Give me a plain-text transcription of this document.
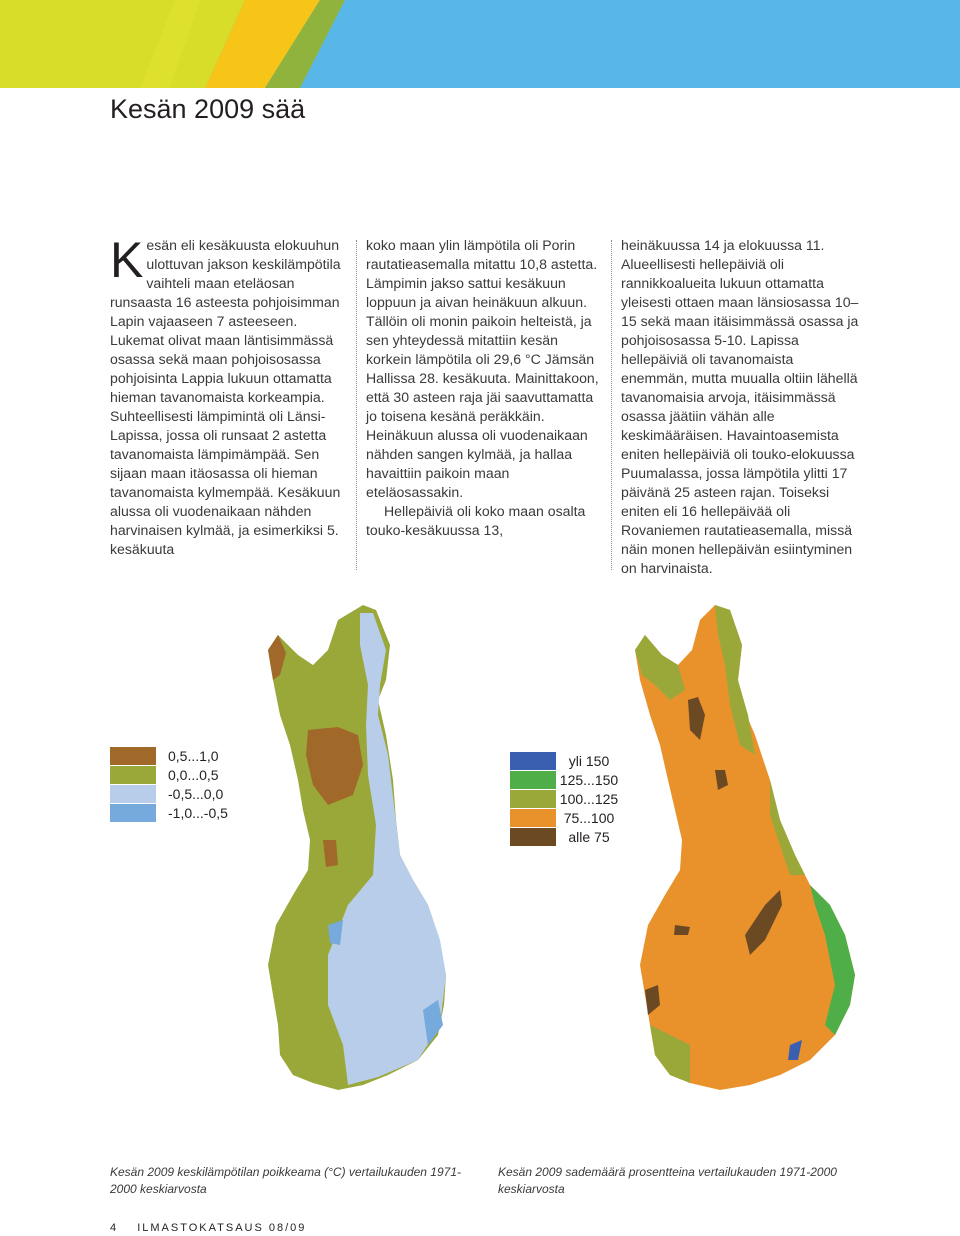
Kesän 2009 sää
K esän eli kesäkuusta elokuuhun ulottuvan jakson keskilämpötila vaihteli maan eteläosan runsaasta 16 asteesta pohjoisimman Lapin vajaaseen 7 asteeseen. Lukemat olivat maan läntisimmässä osassa sekä maan pohjoisosassa pohjoisinta Lappia lukuun ottamatta hieman tavanomaista korkeampia. Suhteellisesti lämpimintä oli Länsi-Lapissa, jossa oli runsaat 2 astetta tavanomaista lämpimämpää. Sen sijaan maan itäosassa oli hieman tavanomaista kylmempää. Kesäkuun alussa oli vuodenaikaan nähden harvinaisen kylmää, ja esimerkiksi 5. kesäkuuta

koko maan ylin lämpötila oli Porin rautatieasemalla mitattu 10,8 astetta. Lämpimin jakso sattui kesäkuun loppuun ja aivan heinäkuun alkuun. Tällöin oli monin paikoin helteistä, ja sen yhteydessä mitattiin kesän korkein lämpötila oli 29,6 °C Jämsän Hallissa 28. kesäkuuta. Mainittakoon, että 30 asteen raja jäi saavuttamatta jo toisena kesänä peräkkäin. Heinäkuun alussa oli vuodenaikaan nähden sangen kylmää, ja hallaa havaittiin paikoin maan eteläosassakin.

Hellepäiviä oli koko maan osalta touko-kesäkuussa 13,

heinäkuussa 14 ja elokuussa 11. Alueellisesti hellepäiviä oli rannikkoalueita lukuun ottamatta yleisesti ottaen maan länsiosassa 10–15 sekä maan itäisimmässä osassa ja pohjoisosassa 5-10. Lapissa hellepäiviä oli tavanomaista enemmän, mutta muualla oltiin lähellä tavanomaisia arvoja, itäisimmässä osassa jäätiin vähän alle keskimääräisen. Havaintoasemista eniten hellepäiviä oli touko-elokuussa Puumalassa, jossa lämpötila ylitti 17 päivänä 25 asteen rajan. Toiseksi eniten eli 16 hellepäivää oli Rovaniemen rautatieasemalla, missä näin monen hellepäivän esiintyminen on harvinaista.

0,5...1,0
0,0...0,5
-0,5...0,0
-1,0...-0,5
yli 150
125...150
100...125
75...100
alle 75

Kesän 2009 keskilämpötilan poikkeama (°C) vertailukauden 1971-2000 keskiarvosta

Kesän 2009 sademäärä prosentteina vertailukauden 1971-2000 keskiarvosta

4 ILMASTOKATSAUS 08/09
